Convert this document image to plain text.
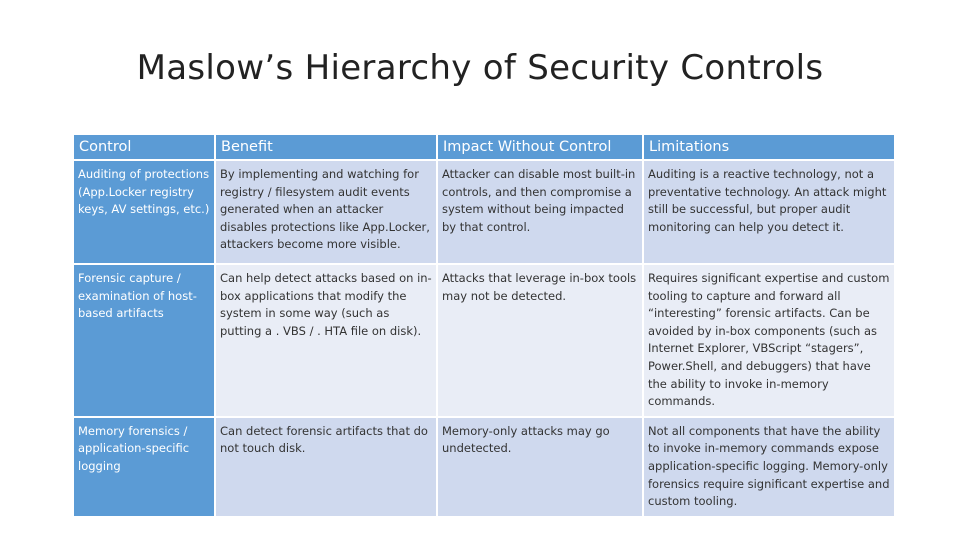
Maslow’s Hierarchy of Security Controls
Control	Benefit	Impact Without Control	Limitations
Auditing of protections (App.Locker registry keys, AV settings, etc.)	By implementing and watching for registry / filesystem audit events generated when an attacker disables protections like App.Locker, attackers become more visible.	Attacker can disable most built-in controls, and then compromise a system without being impacted by that control.	Auditing is a reactive technology, not a preventative technology. An attack might still be successful, but proper audit monitoring can help you detect it.
Forensic capture / examination of host-based artifacts	Can help detect attacks based on in-box applications that modify the system in some way (such as putting a . VBS / . HTA file on disk).	Attacks that leverage in-box tools may not be detected.	Requires significant expertise and custom tooling to capture and forward all “interesting” forensic artifacts. Can be avoided by in-box components (such as Internet Explorer, VBScript “stagers”, Power.Shell, and debuggers) that have the ability to invoke in-memory commands.
Memory forensics / application-specific logging	Can detect forensic artifacts that do not touch disk.	Memory-only attacks may go undetected.	Not all components that have the ability to invoke in-memory commands expose application-specific logging. Memory-only forensics require significant expertise and custom tooling.
